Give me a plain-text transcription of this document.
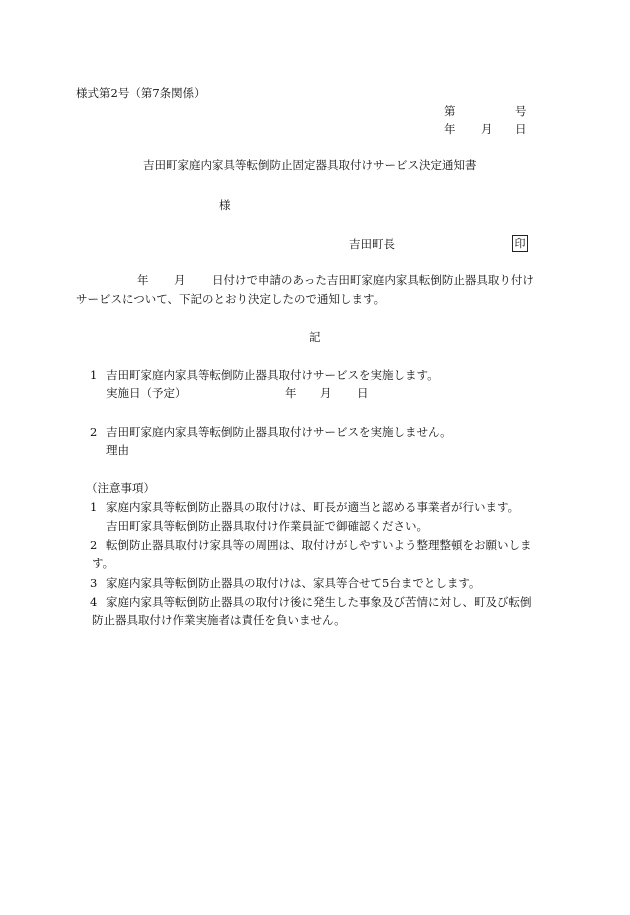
様式第2号（第7条関係）
第	号
年 月 日
吉田町家庭内家具等転倒防止固定器具取付けサービス決定通知書
様
吉田町長	印
年 月 日付けで申請のあった吉田町家庭内家具転倒防止器具取り付け
サービスについて、下記のとおり決定したので通知します。
記
1 吉田町家庭内家具等転倒防止器具取付けサービスを実施します。
実施日（予定）	年 月 日
2 吉田町家庭内家具等転倒防止器具取付けサービスを実施しません。
理由
（注意事項）
1 家庭内家具等転倒防止器具の取付けは、町長が適当と認める事業者が行います。
吉田町家具等転倒防止器具取付け作業員証で御確認ください。
2 転倒防止器具取付け家具等の周囲は、取付けがしやすいよう整理整頓をお願いしま
す。
3 家庭内家具等転倒防止器具の取付けは、家具等合せて5台までとします。
4 家庭内家具等転倒防止器具の取付け後に発生した事象及び苦情に対し、町及び転倒
防止器具取付け作業実施者は責任を負いません。
